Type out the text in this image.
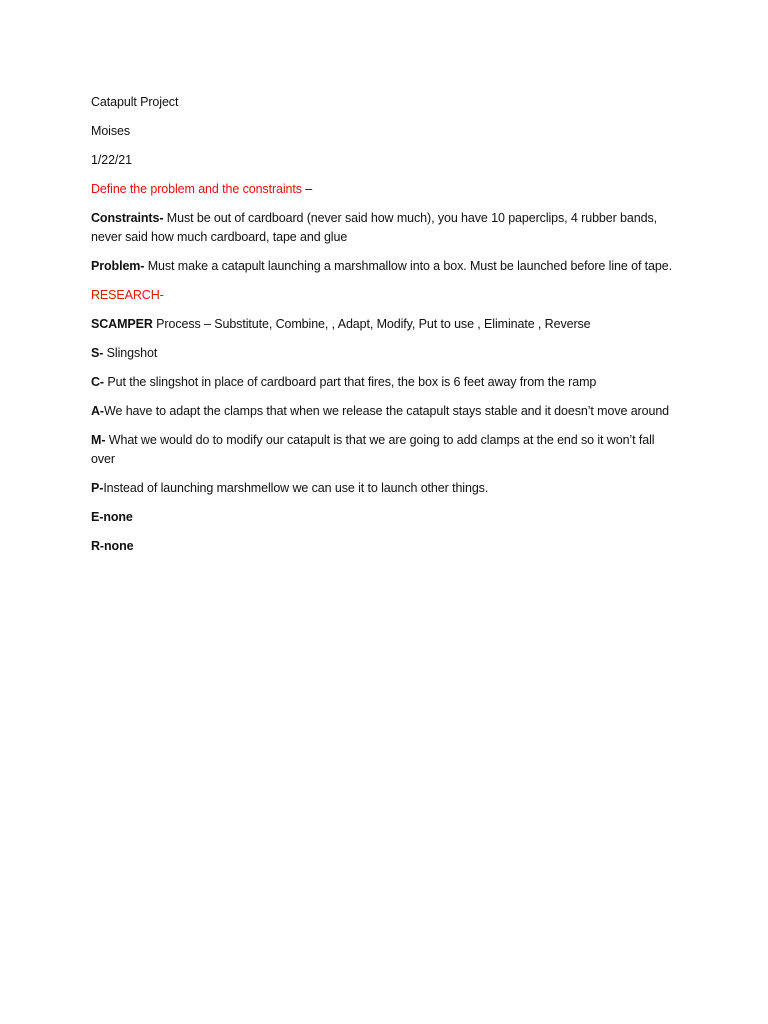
Catapult Project

Moises

1/22/21

Define the problem and the constraints –

Constraints- Must be out of cardboard (never said how much), you have 10 paperclips, 4 rubber bands, never said how much cardboard, tape and glue

Problem- Must make a catapult launching a marshmallow into a box. Must be launched before line of tape.

RESEARCH-

SCAMPER Process – Substitute, Combine, , Adapt, Modify, Put to use , Eliminate , Reverse

S- Slingshot

C- Put the slingshot in place of cardboard part that fires, the box is 6 feet away from the ramp

A-We have to adapt the clamps that when we release the catapult stays stable and it doesn’t move around

M- What we would do to modify our catapult is that we are going to add clamps at the end so it won’t fall over

P-Instead of launching marshmellow we can use it to launch other things.

E-none

R-none
